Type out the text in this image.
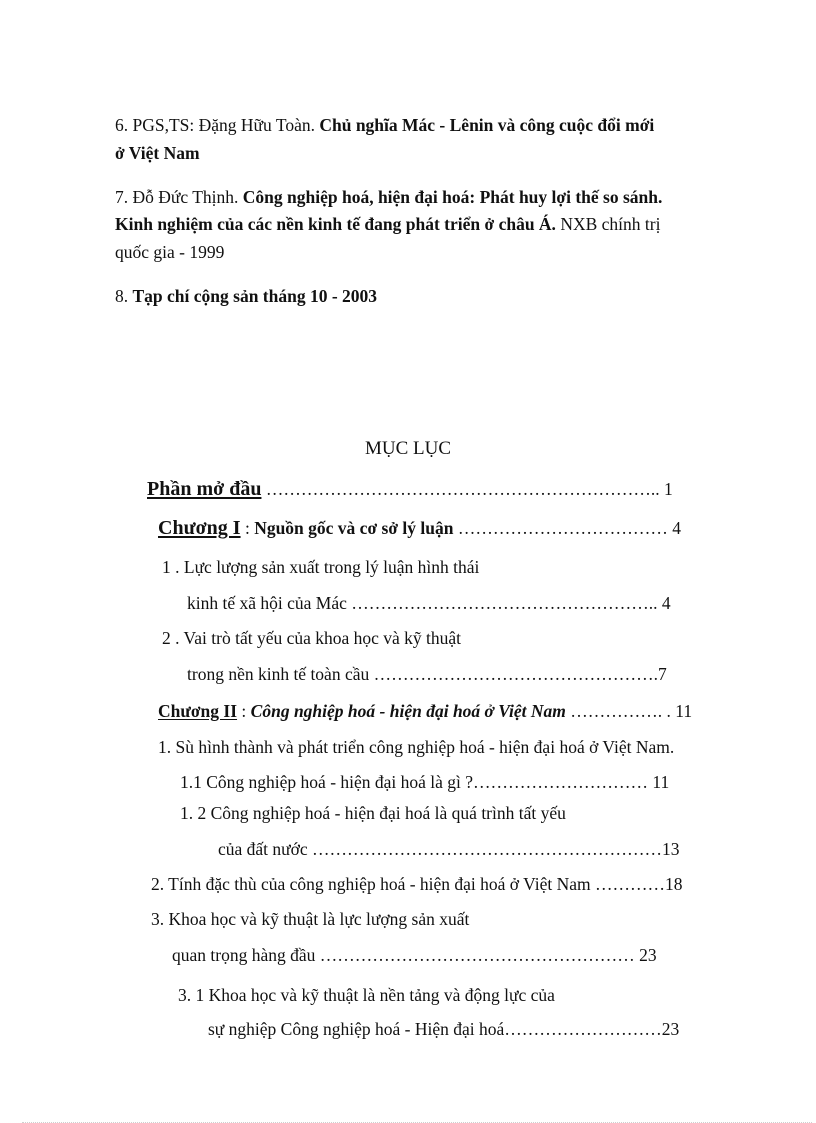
6. PGS,TS: Đặng Hữu Toàn. Chủ nghĩa Mác - Lênin và công cuộc đổi mới
ở Việt Nam
7. Đỗ Đức Thịnh. Công nghiệp hoá, hiện đại hoá: Phát huy lợi thế so sánh.
Kinh nghiệm của các nền kinh tế đang phát triển ở châu Á. NXB chính trị
quốc gia - 1999
8. Tạp chí cộng sản tháng 10 - 2003
MỤC LỤC
Phần mở đầu ………………………………………………………….. 1
Chương I : Nguồn gốc và cơ sở lý luận ……………………………… 4
1 . Lực lượng sản xuất trong lý luận hình thái
kinh tế xã hội của Mác …………………………………………….. 4
2 . Vai trò tất yếu của khoa học và kỹ thuật
trong nền kinh tế toàn cầu ………………………………………….7
Chương II : Công nghiệp hoá - hiện đại hoá ở Việt Nam ……………. . 11
1. Sù hình thành và phát triển công nghiệp hoá - hiện đại hoá ở Việt Nam.
1.1 Công nghiệp hoá - hiện đại hoá là gì ?………………………… 11
1. 2 Công nghiệp hoá - hiện đại hoá là quá trình tất yếu
của đất nước ……………………………………………………13
2. Tính đặc thù của công nghiệp hoá - hiện đại hoá ở Việt Nam …………18
3. Khoa học và kỹ thuật là lực lượng sản xuất
quan trọng hàng đầu ……………………………………………… 23
3. 1 Khoa học và kỹ thuật là nền tảng và động lực của
sự nghiệp Công nghiệp hoá - Hiện đại hoá………………………23
